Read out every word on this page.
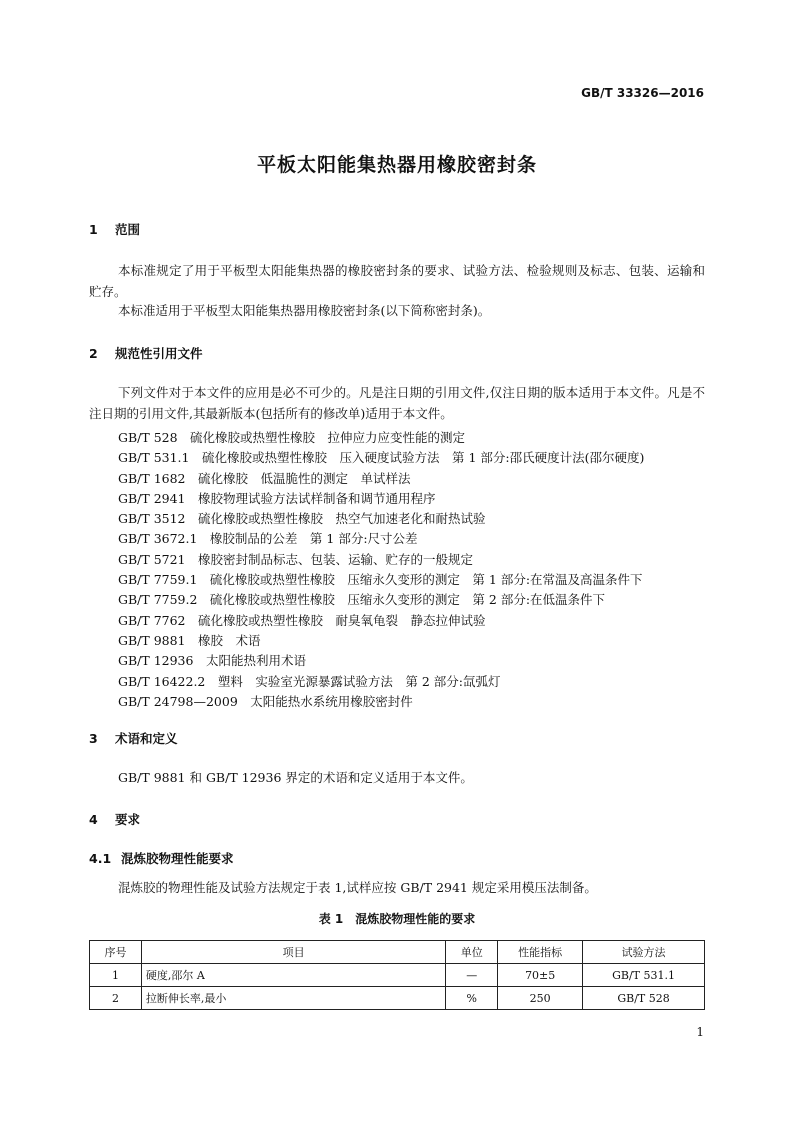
GB/T 33326—2016
平板太阳能集热器用橡胶密封条
1 范围
本标准规定了用于平板型太阳能集热器的橡胶密封条的要求、试验方法、检验规则及标志、包装、运输和贮存。
本标准适用于平板型太阳能集热器用橡胶密封条(以下简称密封条)。
2 规范性引用文件
下列文件对于本文件的应用是必不可少的。凡是注日期的引用文件,仅注日期的版本适用于本文件。凡是不注日期的引用文件,其最新版本(包括所有的修改单)适用于本文件。
GB/T 528　硫化橡胶或热塑性橡胶　拉伸应力应变性能的测定
GB/T 531.1　硫化橡胶或热塑性橡胶　压入硬度试验方法　第 1 部分:邵氏硬度计法(邵尔硬度)
GB/T 1682　硫化橡胶　低温脆性的测定　单试样法
GB/T 2941　橡胶物理试验方法试样制备和调节通用程序
GB/T 3512　硫化橡胶或热塑性橡胶　热空气加速老化和耐热试验
GB/T 3672.1　橡胶制品的公差　第 1 部分:尺寸公差
GB/T 5721　橡胶密封制品标志、包装、运输、贮存的一般规定
GB/T 7759.1　硫化橡胶或热塑性橡胶　压缩永久变形的测定　第 1 部分:在常温及高温条件下
GB/T 7759.2　硫化橡胶或热塑性橡胶　压缩永久变形的测定　第 2 部分:在低温条件下
GB/T 7762　硫化橡胶或热塑性橡胶　耐臭氧龟裂　静态拉伸试验
GB/T 9881　橡胶　术语
GB/T 12936　太阳能热利用术语
GB/T 16422.2　塑料　实验室光源暴露试验方法　第 2 部分:氙弧灯
GB/T 24798—2009　太阳能热水系统用橡胶密封件
3 术语和定义
GB/T 9881 和 GB/T 12936 界定的术语和定义适用于本文件。
4 要求
4.1 混炼胶物理性能要求
混炼胶的物理性能及试验方法规定于表 1,试样应按 GB/T 2941 规定采用模压法制备。
表 1　混炼胶物理性能的要求
序号	项目	单位	性能指标	试验方法
1	硬度,邵尔 A	—	70±5	GB/T 531.1
2	拉断伸长率,最小	%	250	GB/T 528
1
